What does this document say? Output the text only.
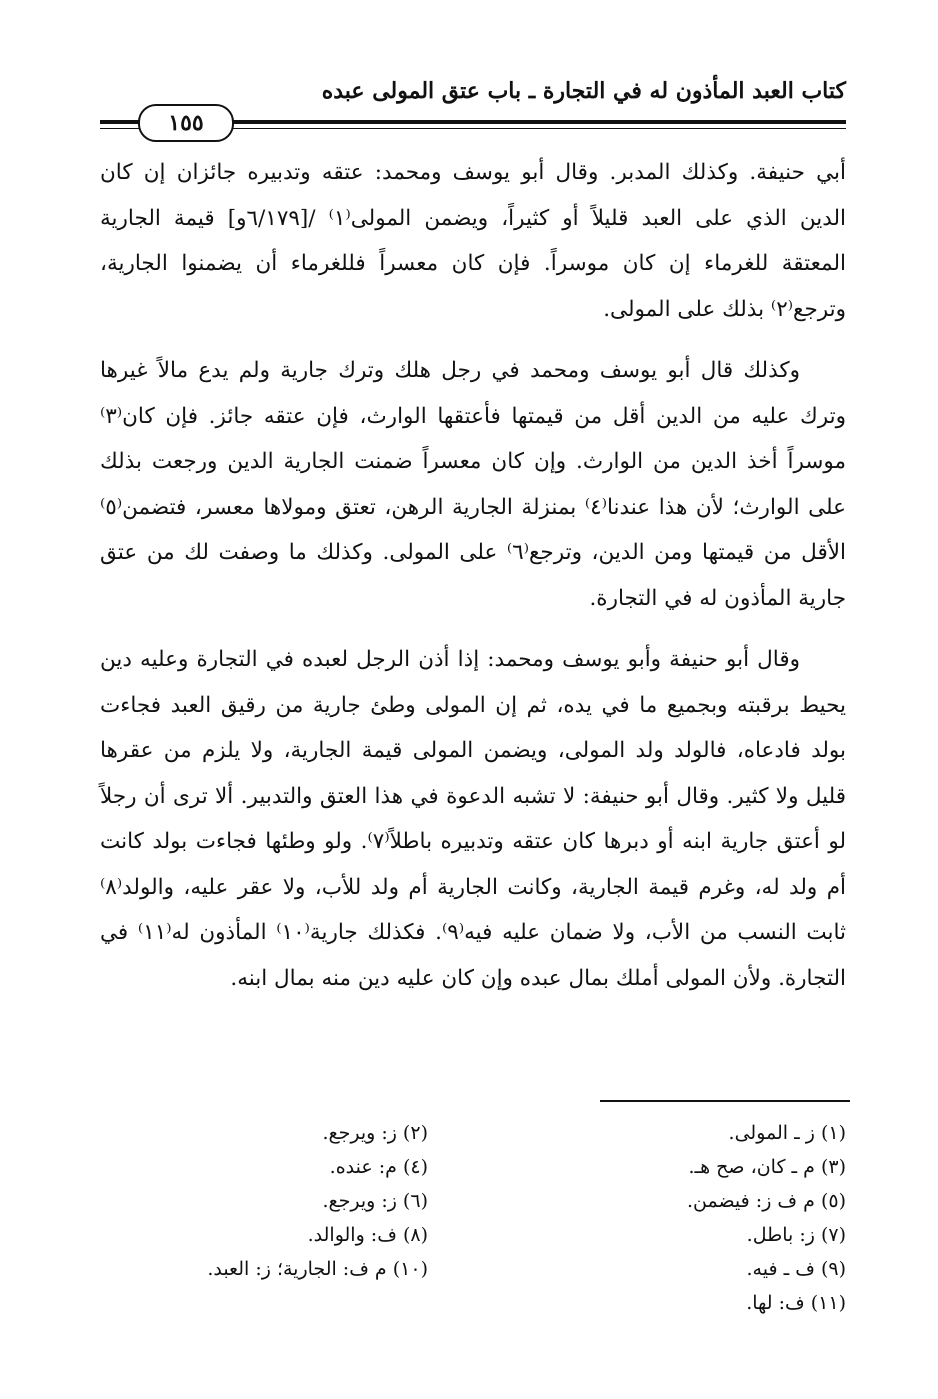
كتاب العبد المأذون له في التجارة ـ باب عتق المولى عبده
١٥٥

أبي حنيفة. وكذلك المدبر. وقال أبو يوسف ومحمد: عتقه وتدبيره جائزان إن كان الدين الذي على العبد قليلاً أو كثيراً، ويضمن المولى⁽١⁾ /[٦/١٧٩و] قيمة الجارية المعتقة للغرماء إن كان موسراً. فإن كان معسراً فللغرماء أن يضمنوا الجارية، وترجع⁽٢⁾ بذلك على المولى.

وكذلك قال أبو يوسف ومحمد في رجل هلك وترك جارية ولم يدع مالاً غيرها وترك عليه من الدين أقل من قيمتها فأعتقها الوارث، فإن عتقه جائز. فإن كان⁽٣⁾ موسراً أخذ الدين من الوارث. وإن كان معسراً ضمنت الجارية الدين ورجعت بذلك على الوارث؛ لأن هذا عندنا⁽٤⁾ بمنزلة الجارية الرهن، تعتق ومولاها معسر، فتضمن⁽٥⁾ الأقل من قيمتها ومن الدين، وترجع⁽٦⁾ على المولى. وكذلك ما وصفت لك من عتق جارية المأذون له في التجارة.

وقال أبو حنيفة وأبو يوسف ومحمد: إذا أذن الرجل لعبده في التجارة وعليه دين يحيط برقبته وبجميع ما في يده، ثم إن المولى وطئ جارية من رقيق العبد فجاءت بولد فادعاه، فالولد ولد المولى، ويضمن المولى قيمة الجارية، ولا يلزم من عقرها قليل ولا كثير. وقال أبو حنيفة: لا تشبه الدعوة في هذا العتق والتدبير. ألا ترى أن رجلاً لو أعتق جارية ابنه أو دبرها كان عتقه وتدبيره باطلاً⁽٧⁾. ولو وطئها فجاءت بولد كانت أم ولد له، وغرم قيمة الجارية، وكانت الجارية أم ولد للأب، ولا عقر عليه، والولد⁽٨⁾ ثابت النسب من الأب، ولا ضمان عليه فيه⁽٩⁾. فكذلك جارية⁽١٠⁾ المأذون له⁽١١⁾ في التجارة. ولأن المولى أملك بمال عبده وإن كان عليه دين منه بمال ابنه.

(١) ز ـ المولى.
(٢) ز: ويرجع.
(٣) م ـ كان، صح هـ.
(٤) م: عنده.
(٥) م ف ز: فيضمن.
(٦) ز: ويرجع.
(٧) ز: باطل.
(٨) ف: والوالد.
(٩) ف ـ فيه.
(١٠) م ف: الجارية؛ ز: العبد.
(١١) ف: لها.
